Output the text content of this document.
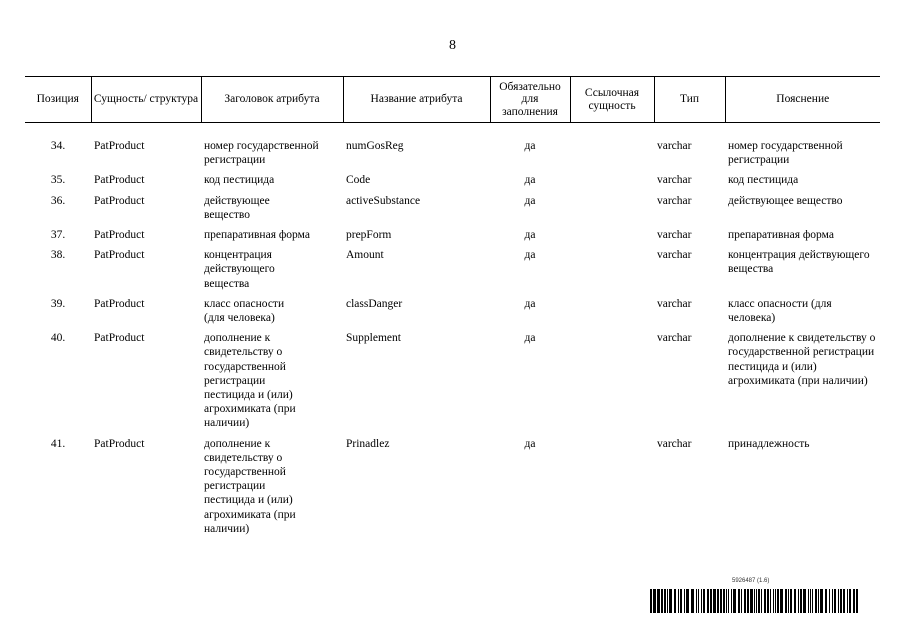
8
Позиция	Сущность/ структура	Заголовок атрибута	Название атрибута	Обязательно для заполнения	Ссылочная сущность	Тип	Пояснение
34.	PatProduct	номер государственной регистрации	numGosReg	да		varchar	номер государственной регистрации
35.	PatProduct	код пестицида	Code	да		varchar	код пестицида
36.	PatProduct	действующее вещество	activeSubstance	да		varchar	действующее вещество
37.	PatProduct	препаративная форма	prepForm	да		varchar	препаративная форма
38.	PatProduct	концентрация действующего вещества	Amount	да		varchar	концентрация действующего вещества
39.	PatProduct	класс опасности (для человека)	classDanger	да		varchar	класс опасности (для человека)
40.	PatProduct	дополнение к свидетельству о государственной регистрации пестицида и (или) агрохимиката (при наличии)	Supplement	да		varchar	дополнение к свидетельству о государственной регистрации пестицида и (или) агрохимиката (при наличии)
41.	PatProduct	дополнение к свидетельству о государственной регистрации пестицида и (или) агрохимиката (при наличии)	Prinadlez	да		varchar	принадлежность
5926487 (1.6)
